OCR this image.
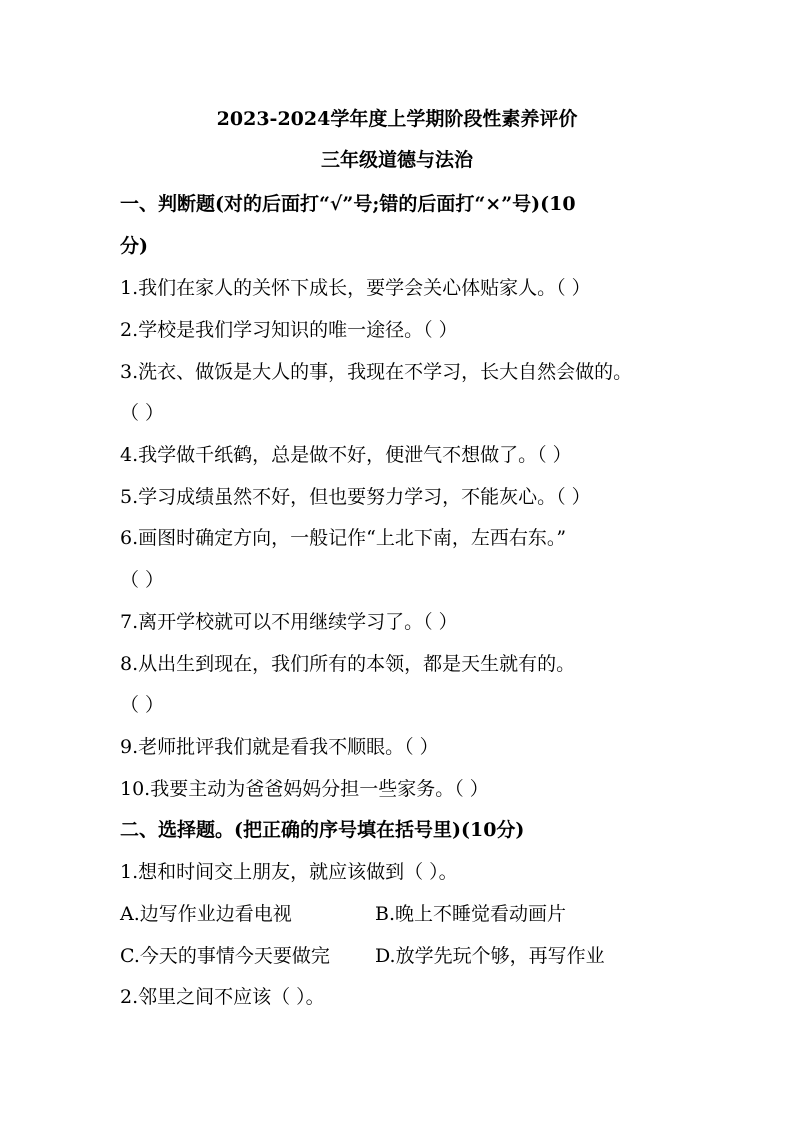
2023-2024学年度上学期阶段性素养评价
三年级道德与法治
一、判断题(对的后面打“√”号;错的后面打“×”号)(10
分)
1.我们在家人的关怀下成长，要学会关心体贴家人。（ ）
2.学校是我们学习知识的唯一途径。（ ）
3.洗衣、做饭是大人的事，我现在不学习，长大自然会做的。
（ ）
4.我学做千纸鹤，总是做不好，便泄气不想做了。（ ）
5.学习成绩虽然不好，但也要努力学习，不能灰心。（ ）
6.画图时确定方向，一般记作“上北下南，左西右东。”
（ ）
7.离开学校就可以不用继续学习了。（ ）
8.从出生到现在，我们所有的本领，都是天生就有的。
（ ）
9.老师批评我们就是看我不顺眼。（ ）
10.我要主动为爸爸妈妈分担一些家务。（ ）
二、选择题。(把正确的序号填在括号里)(10分)
1.想和时间交上朋友，就应该做到（ ）。
A.边写作业边看电视	B.晚上不睡觉看动画片
C.今天的事情今天要做完 D.放学先玩个够，再写作业
2.邻里之间不应该（ ）。
